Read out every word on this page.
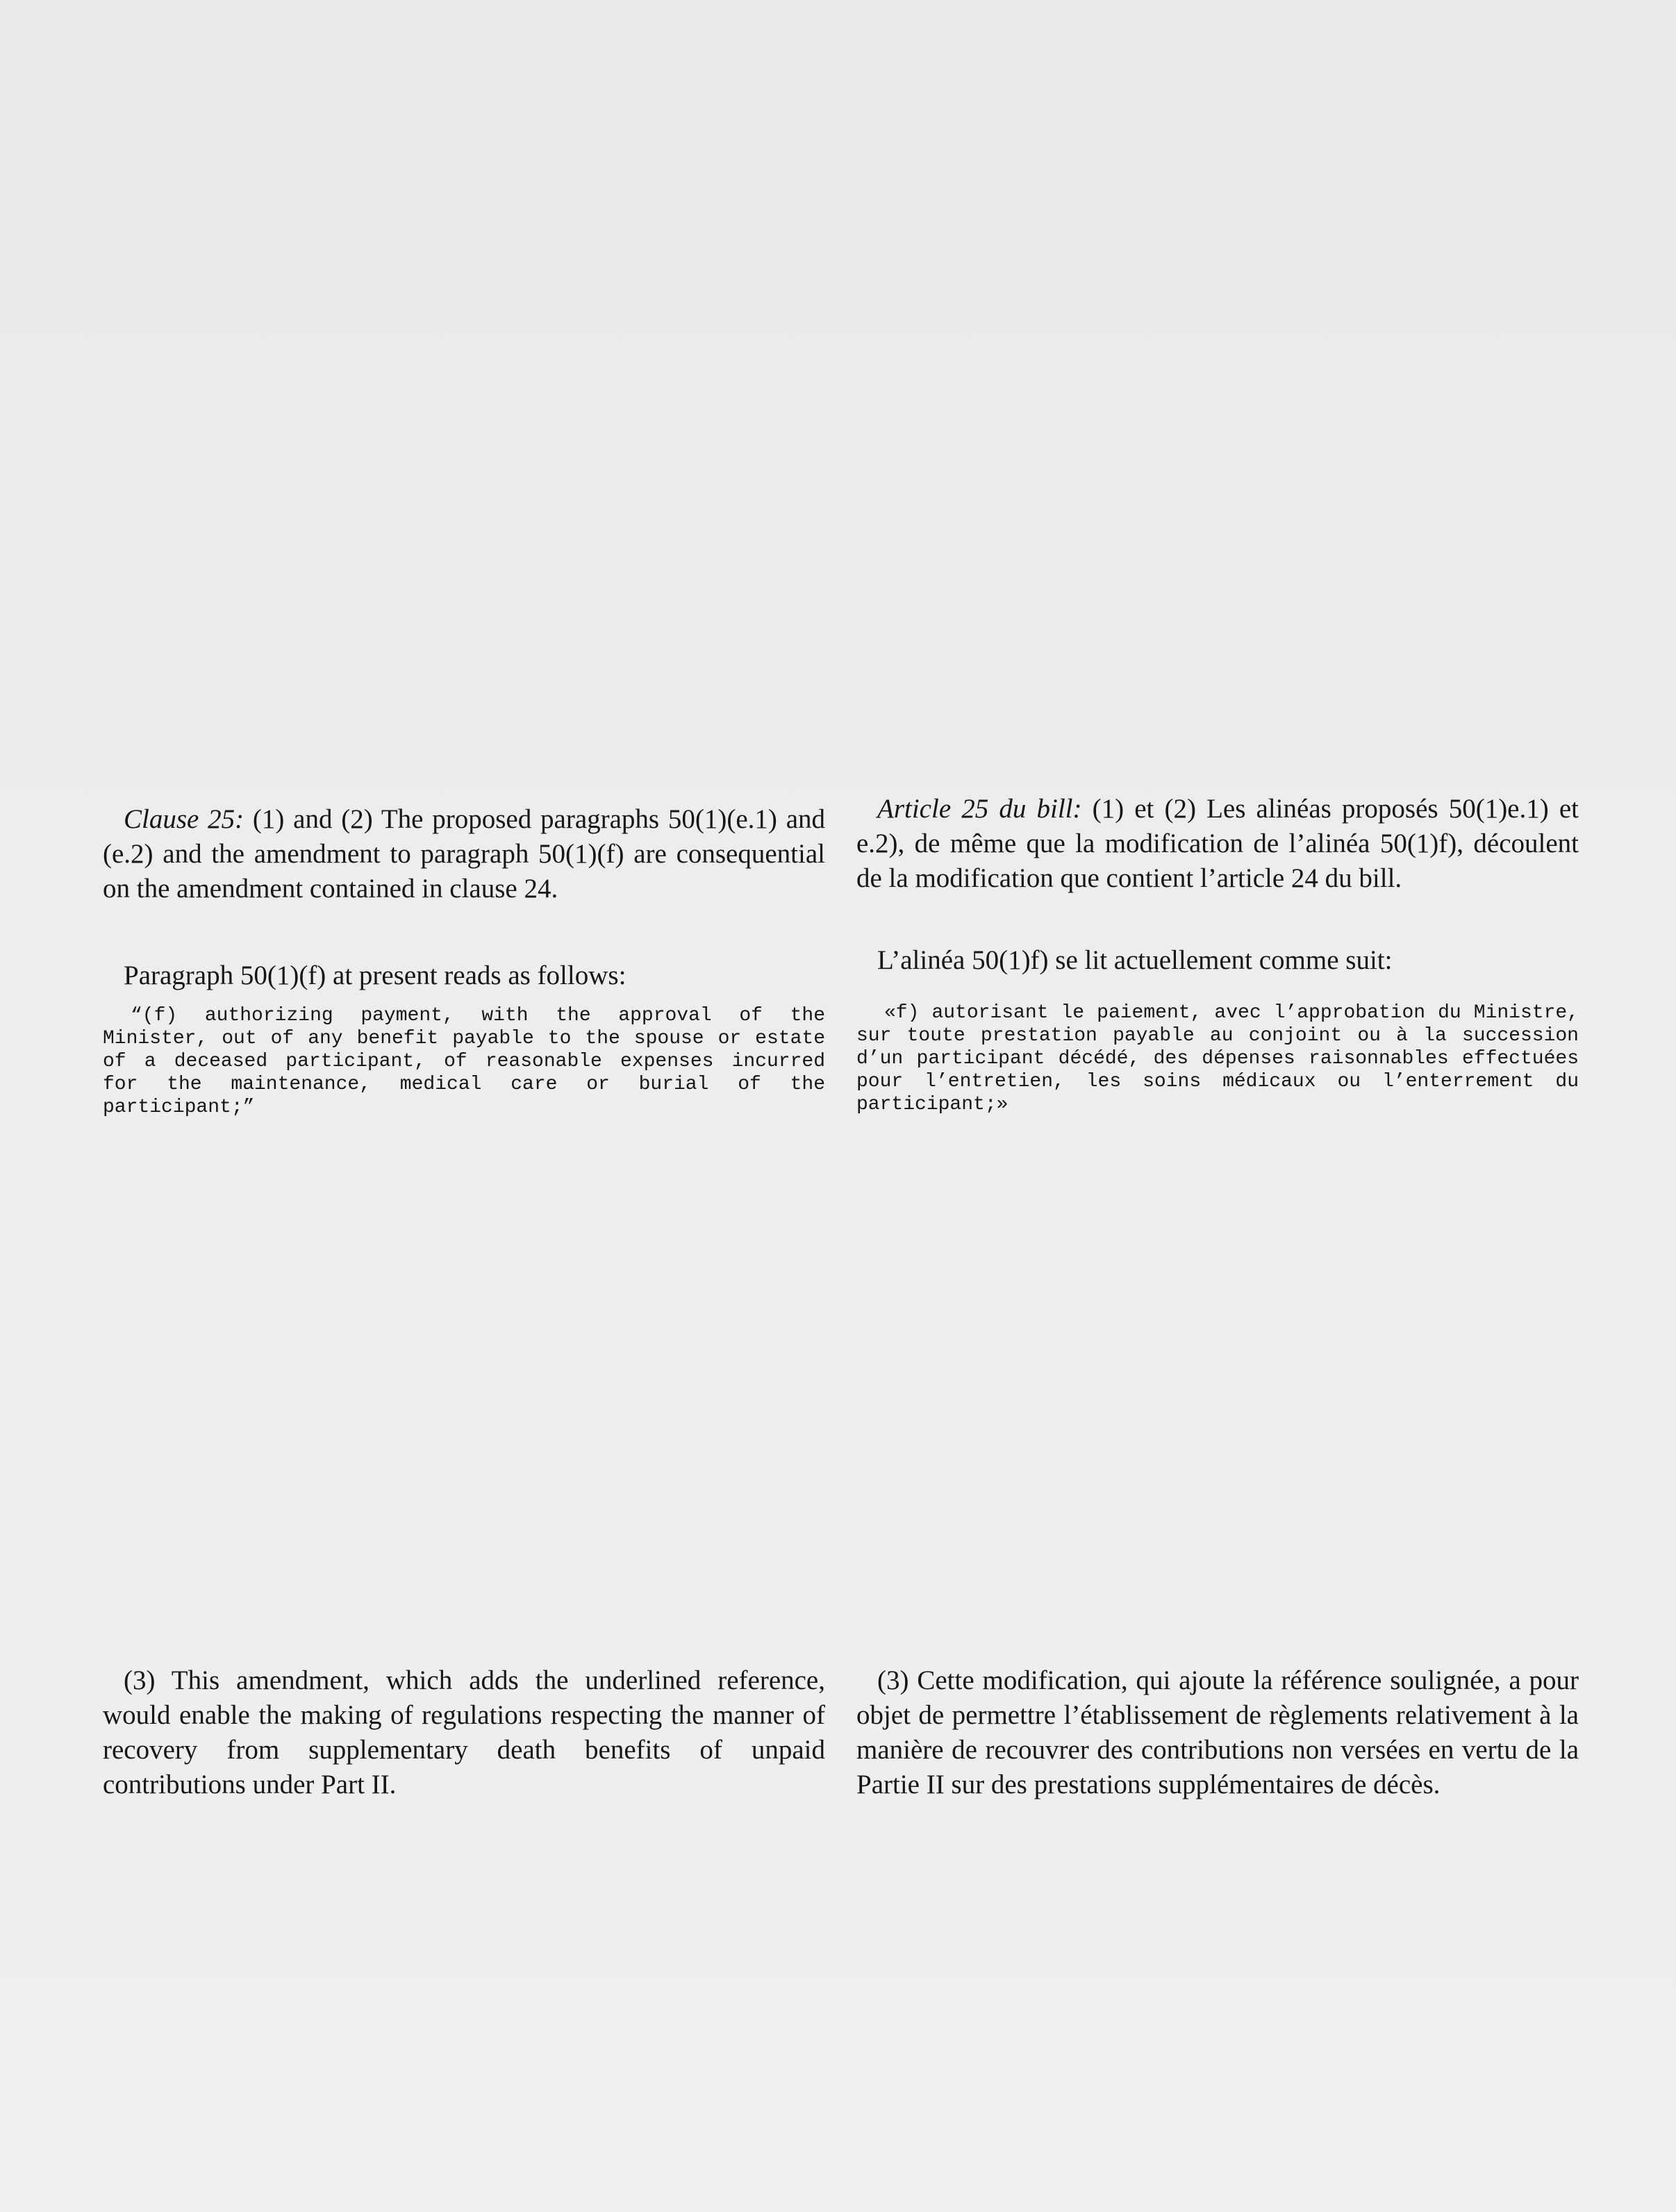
Clause 25: (1) and (2) The proposed paragraphs 50(1)(e.1) and (e.2) and the amendment to paragraph 50(1)(f) are consequential on the amendment contained in clause 24.

Paragraph 50(1)(f) at present reads as follows:

“(f) authorizing payment, with the approval of the Minister, out of any benefit payable to the spouse or estate of a deceased participant, of reasonable expenses incurred for the maintenance, medical care or burial of the participant;”

(3) This amendment, which adds the underlined reference, would enable the making of regulations respecting the manner of recovery from supplementary death benefits of unpaid contributions under Part II.

Article 25 du bill: (1) et (2) Les alinéas proposés 50(1)e.1) et e.2), de même que la modification de l’alinéa 50(1)f), découlent de la modification que contient l’article 24 du bill.

L’alinéa 50(1)f) se lit actuellement comme suit:

«f) autorisant le paiement, avec l’approbation du Ministre, sur toute prestation payable au conjoint ou à la succession d’un participant décédé, des dépenses raisonnables effectuées pour l’entretien, les soins médicaux ou l’enterrement du participant;»

(3) Cette modification, qui ajoute la référence soulignée, a pour objet de permettre l’établissement de règlements relativement à la manière de recouvrer des contributions non versées en vertu de la Partie II sur des prestations supplémentaires de décès.
